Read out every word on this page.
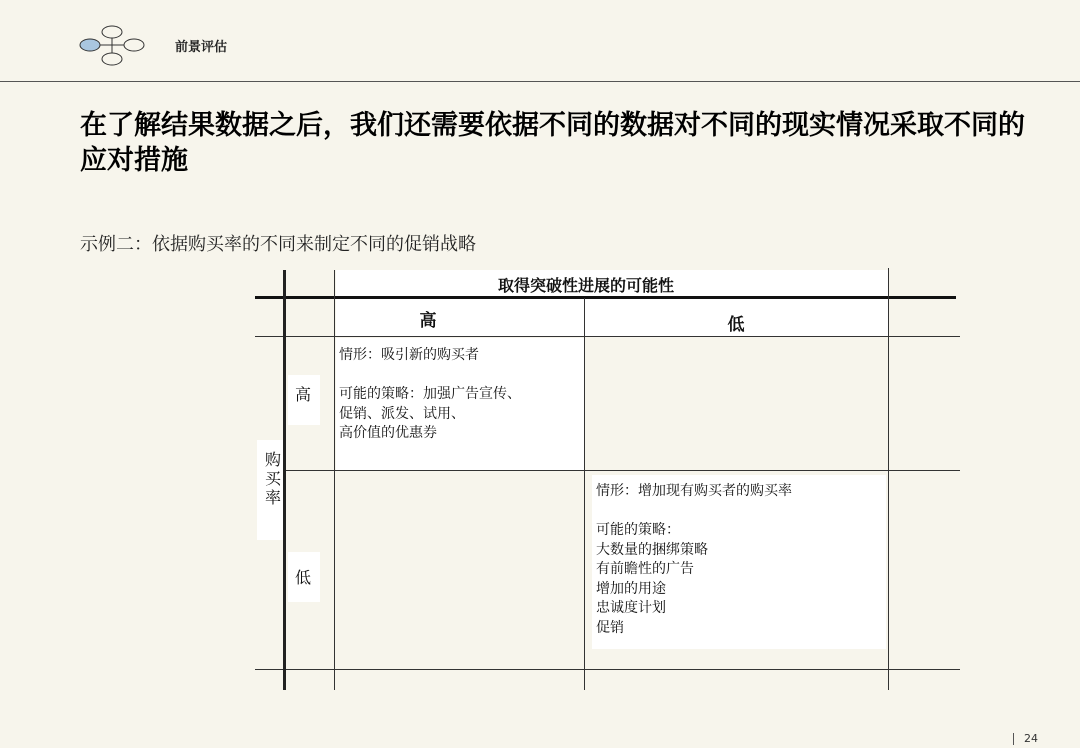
前景评估
在了解结果数据之后，我们还需要依据不同的数据对不同的现实情况采取不同的应对措施
示例二：依据购买率的不同来制定不同的促销战略
取得突破性进展的可能性
高	低
高
低
购买率
情形：吸引新的购买者

可能的策略：加强广告宣传、
促销、派发、试用、
高价值的优惠券
情形：增加现有购买者的购买率

可能的策略：
大数量的捆绑策略
有前瞻性的广告
增加的用途
忠诚度计划
促销
24
